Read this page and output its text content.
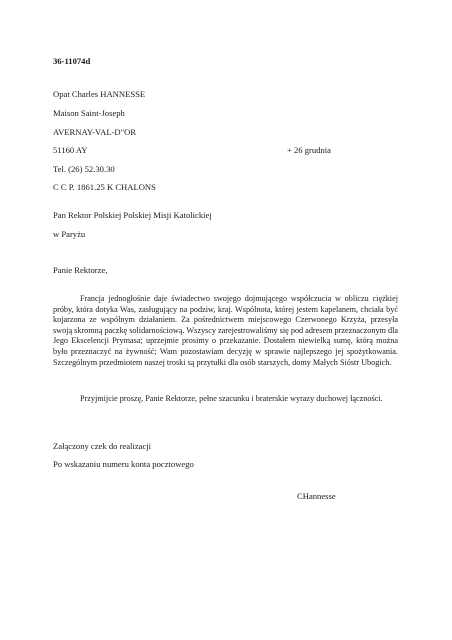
36-11074d
Opat Charles HANNESSE
Maison Saint-Joseph
AVERNAY-VAL-D"OR
51160 AY	+ 26 grudnia
Tel. (26) 52.30.30
C C P. 1861.25 K CHALONS
Pan Rektor Polskiej Polskiej Misji Katolickiej
w Paryżu
Panie Rektorze,
Francja jednogłośnie daje świadectwo swojego dojmującego współczucia w obliczu ciężkiej próby, która dotyka Was, zasługujący na podziw, kraj. Wspólnota, której jestem kapelanem, chciała być kojarzona ze wspólnym działaniem. Za pośrednictwem miejscowego Czerwonego Krzyża, przesyła swoją skromną paczkę solidarnościową. Wszyscy zarejestrowaliśmy się pod adresem przeznaczonym dla Jego Ekscelencji Prymasa; uprzejmie prosimy o przekazanie. Dostałem niewielką sumę, którą można było przeznaczyć na żywność; Wam pozostawiam decyzję w sprawie najlepszego jej spożytkowania. Szczególnym przedmiotem naszej troski są przytułki dla osób starszych, domy Małych Sióstr Ubogich.
Przyjmijcie proszę, Panie Rektorze, pełne szacunku i braterskie wyrazy duchowej łączności.
Załączony czek do realizacji
Po wskazaniu numeru konta pocztowego
CHannesse
